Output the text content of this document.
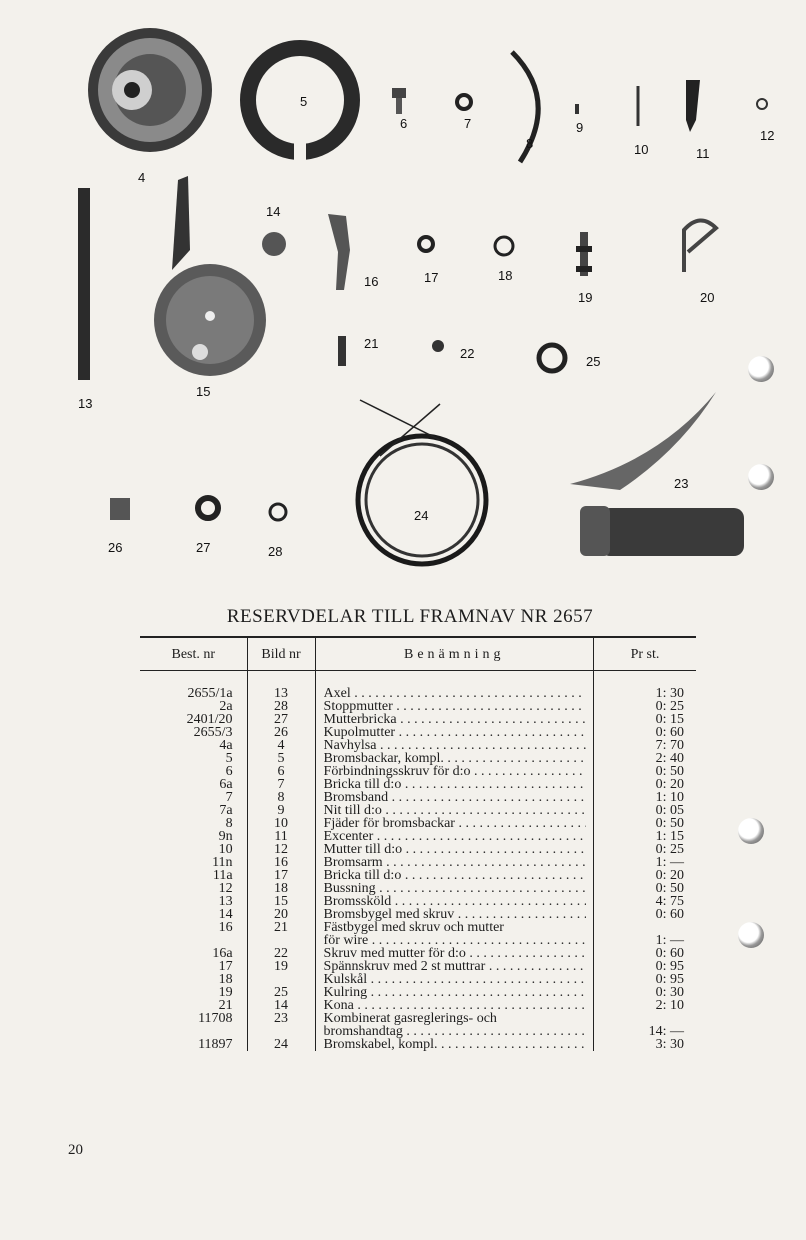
4
5
6	7
8
9
10	11
12
13
14
15
16	17	18
19	20
21
22
23
24
25
26	27	28
RESERVDELAR TILL FRAMNAV NR 2657
Best. nr	Bild nr	Benämning	Pr st.

2655/1a	13	Axel . . .	1: 30
2a	28	Stoppmutter . . .	0: 25
2401/20	27	Mutterbricka . . .	0: 15
2655/3	26	Kupolmutter . . .	0: 60
4a	4	Navhylsa . . .	7: 70
5	5	Bromsbackar, kompl. . . .	2: 40
6	6	Förbindningsskruv för d:o . . .	0: 50
6a	7	Bricka till d:o . . .	0: 20
7	8	Bromsband . . .	1: 10
7a	9	Nit till d:o . . .	0: 05
8	10	Fjäder för bromsbackar . . .	0: 50
9n	11	Excenter . . .	1: 15
10	12	Mutter till d:o . . .	0: 25
11n	16	Bromsarm . . .	1: —
11a	17	Bricka till d:o . . .	0: 20
12	18	Bussning . . .	0: 50
13	15	Bromssköld . . .	4: 75
14	20	Bromsbygel med skruv . . .	0: 60
16	21	Fästbygel med skruv och mutter	

		för wire . . .	1: —
16a	22	Skruv med mutter för d:o . . .	0: 60
17	19	Spännskruv med 2 st muttrar . . .	0: 95
18		Kulskål . . .	0: 95
19	25	Kulring . . .	0: 30
21	14	Kona . . .	2: 10
11708	23	Kombinerat gasreglerings- och	

		bromshandtag . . .	14: —
11897	24	Bromskabel, kompl. . . .	3: 30
20
